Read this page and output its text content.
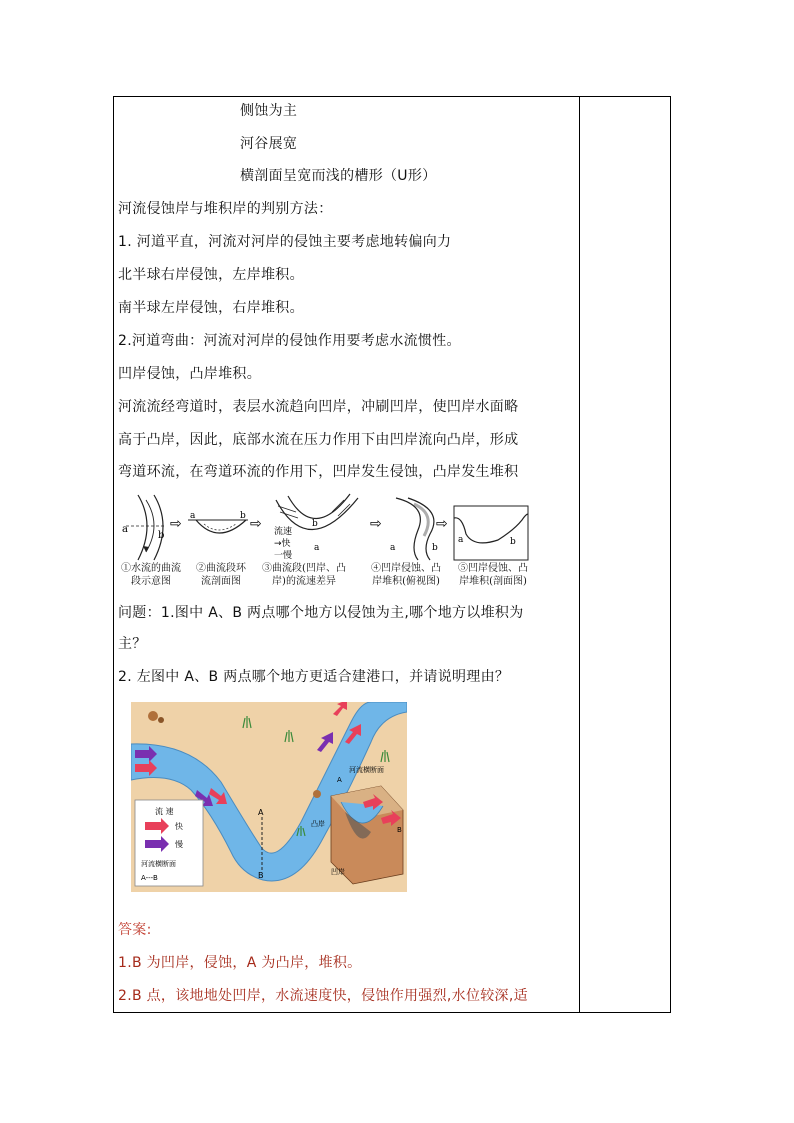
侧蚀为主
河谷展宽
横剖面呈宽而浅的槽形（U形）
河流侵蚀岸与堆积岸的判别方法：
1. 河道平直，河流对河岸的侵蚀主要考虑地转偏向力
北半球右岸侵蚀，左岸堆积。
南半球左岸侵蚀，右岸堆积。
2.河道弯曲：河流对河岸的侵蚀作用要考虑水流惯性。
凹岸侵蚀，凸岸堆积。
河流流经弯道时，表层水流趋向凹岸，冲刷凹岸，使凹岸水面略
高于凸岸，因此，底部水流在压力作用下由凹岸流向凸岸，形成
弯道环流，在弯道环流的作用下，凹岸发生侵蚀，凸岸发生堆积
a
b
⇨ a	b ⇨	b
a
流速
→快
一慢
⇨
a	b
⇨
a	b
①水流的曲流
段示意图
②曲流段环
流剖面图
③曲流段(凹岸、凸
岸)的流速差异
④凹岸侵蚀、凸
岸堆积(俯视图)
⑤凹岸侵蚀、凸
岸堆积(剖面图)
问题：1.图中 A、B 两点哪个地方以侵蚀为主,哪个地方以堆积为
主？
2. 左图中 A、B 两点哪个地方更适合建港口，并请说明理由？
A
B
流 速
快
慢
河流横断面
A---B
河流横断面
A
B
凸岸
凹岸
答案:
1.B 为凹岸，侵蚀，A 为凸岸，堆积。
2.B 点，该地地处凹岸，水流速度快，侵蚀作用强烈,水位较深,适
